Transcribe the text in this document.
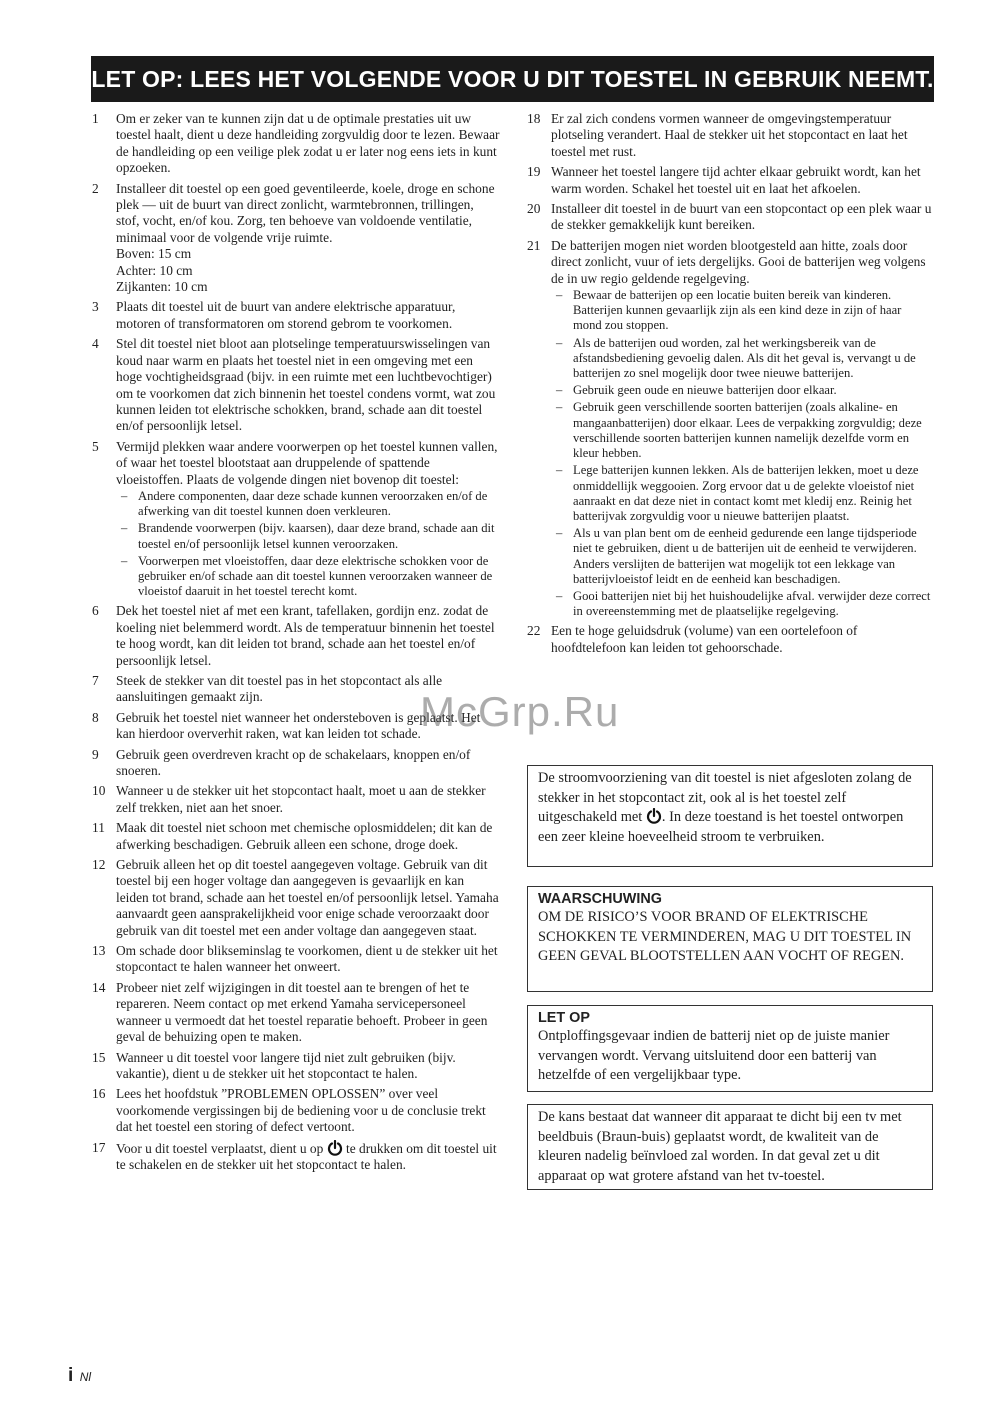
LET OP: LEES HET VOLGENDE VOOR U DIT TOESTEL IN GEBRUIK NEEMT.
1	Om er zeker van te kunnen zijn dat u de optimale prestaties uit uw toestel haalt, dient u deze handleiding zorgvuldig door te lezen. Bewaar de handleiding op een veilige plek zodat u er later nog eens iets in kunt opzoeken.

2	Installeer dit toestel op een goed geventileerde, koele, droge en schone plek — uit de buurt van direct zonlicht, warmtebronnen, trillingen, stof, vocht, en/of kou. Zorg, ten behoeve van voldoende ventilatie, minimaal voor de volgende vrije ruimte.

Boven: 15 cm

Achter: 10 cm

Zijkanten: 10 cm

3	Plaats dit toestel uit de buurt van andere elektrische apparatuur, motoren of transformatoren om storend gebrom te voorkomen.

4	Stel dit toestel niet bloot aan plotselinge temperatuurswisselingen van koud naar warm en plaats het toestel niet in een omgeving met een hoge vochtigheidsgraad (bijv. in een ruimte met een luchtbevochtiger) om te voorkomen dat zich binnenin het toestel condens vormt, wat zou kunnen leiden tot elektrische schokken, brand, schade aan dit toestel en/of persoonlijk letsel.

5	Vermijd plekken waar andere voorwerpen op het toestel kunnen vallen, of waar het toestel blootstaat aan druppelende of spattende vloeistoffen. Plaats de volgende dingen niet bovenop dit toestel:

– Andere componenten, daar deze schade kunnen veroorzaken en/of de afwerking van dit toestel kunnen doen verkleuren.
– Brandende voorwerpen (bijv. kaarsen), daar deze brand, schade aan dit toestel en/of persoonlijk letsel kunnen veroorzaken.
– Voorwerpen met vloeistoffen, daar deze elektrische schokken voor de gebruiker en/of schade aan dit toestel kunnen veroorzaken wanneer de vloeistof daaruit in het toestel terecht komt.
6	Dek het toestel niet af met een krant, tafellaken, gordijn enz. zodat de koeling niet belemmerd wordt. Als de temperatuur binnenin het toestel te hoog wordt, kan dit leiden tot brand, schade aan het toestel en/of persoonlijk letsel.

7	Steek de stekker van dit toestel pas in het stopcontact als alle aansluitingen gemaakt zijn.

8	Gebruik het toestel niet wanneer het ondersteboven is geplaatst. Het kan hierdoor oververhit raken, wat kan leiden tot schade.

9	Gebruik geen overdreven kracht op de schakelaars, knoppen en/of snoeren.

10 Wanneer u de stekker uit het stopcontact haalt, moet u aan de stekker zelf trekken, niet aan het snoer.

11 Maak dit toestel niet schoon met chemische oplosmiddelen; dit kan de afwerking beschadigen. Gebruik alleen een schone, droge doek.

12 Gebruik alleen het op dit toestel aangegeven voltage. Gebruik van dit toestel bij een hoger voltage dan aangegeven is gevaarlijk en kan leiden tot brand, schade aan het toestel en/of persoonlijk letsel. Yamaha aanvaardt geen aansprakelijkheid voor enige schade veroorzaakt door gebruik van dit toestel met een ander voltage dan aangegeven staat.

13 Om schade door blikseminslag te voorkomen, dient u de stekker uit het stopcontact te halen wanneer het onweert.

14 Probeer niet zelf wijzigingen in dit toestel aan te brengen of het te repareren. Neem contact op met erkend Yamaha servicepersoneel wanneer u vermoedt dat het toestel reparatie behoeft. Probeer in geen geval de behuizing open te maken.

15 Wanneer u dit toestel voor langere tijd niet zult gebruiken (bijv. vakantie), dient u de stekker uit het stopcontact te halen.

16 Lees het hoofdstuk ”PROBLEMEN OPLOSSEN” over veel voorkomende vergissingen bij de bediening voor u de conclusie trekt dat het toestel een storing of defect vertoont.

17 Voor u dit toestel verplaatst, dient u op te drukken om dit toestel uit te schakelen en de stekker uit het stopcontact te halen.

18 Er zal zich condens vormen wanneer de omgevingstemperatuur plotseling verandert. Haal de stekker uit het stopcontact en laat het toestel met rust.

19 Wanneer het toestel langere tijd achter elkaar gebruikt wordt, kan het warm worden. Schakel het toestel uit en laat het afkoelen.

20 Installeer dit toestel in de buurt van een stopcontact op een plek waar u de stekker gemakkelijk kunt bereiken.

21 De batterijen mogen niet worden blootgesteld aan hitte, zoals door direct zonlicht, vuur of iets dergelijks. Gooi de batterijen weg volgens de in uw regio geldende regelgeving.

– Bewaar de batterijen op een locatie buiten bereik van kinderen. Batterijen kunnen gevaarlijk zijn als een kind deze in zijn of haar mond zou stoppen.
– Als de batterijen oud worden, zal het werkingsbereik van de afstandsbediening gevoelig dalen. Als dit het geval is, vervangt u de batterijen zo snel mogelijk door twee nieuwe batterijen.
– Gebruik geen oude en nieuwe batterijen door elkaar.
– Gebruik geen verschillende soorten batterijen (zoals alkaline- en mangaanbatterijen) door elkaar. Lees de verpakking zorgvuldig; deze verschillende soorten batterijen kunnen namelijk dezelfde vorm en kleur hebben.
– Lege batterijen kunnen lekken. Als de batterijen lekken, moet u deze onmiddellijk weggooien. Zorg ervoor dat u de gelekte vloeistof niet aanraakt en dat deze niet in contact komt met kledij enz. Reinig het batterijvak zorgvuldig voor u nieuwe batterijen plaatst.
– Als u van plan bent om de eenheid gedurende een lange tijdsperiode niet te gebruiken, dient u de batterijen uit de eenheid te verwijderen. Anders verslijten de batterijen wat mogelijk tot een lekkage van batterijvloeistof leidt en de eenheid kan beschadigen.
– Gooi batterijen niet bij het huishoudelijke afval. verwijder deze correct in overeenstemming met de plaatselijke regelgeving.
22 Een te hoge geluidsdruk (volume) van een oortelefoon of hoofdtelefoon kan leiden tot gehoorschade.

De stroomvoorziening van dit toestel is niet afgesloten zolang de stekker in het stopcontact zit, ook al is het toestel zelf uitgeschakeld met . In deze toestand is het toestel ontworpen een zeer kleine hoeveelheid stroom te verbruiken.

WAARSCHUWING

OM DE RISICO’S VOOR BRAND OF ELEKTRISCHE SCHOKKEN TE VERMINDEREN, MAG U DIT TOESTEL IN GEEN GEVAL BLOOTSTELLEN AAN VOCHT OF REGEN.

LET OP

Ontploffingsgevaar indien de batterij niet op de juiste manier vervangen wordt. Vervang uitsluitend door een batterij van hetzelfde of een vergelijkbaar type.

De kans bestaat dat wanneer dit apparaat te dicht bij een tv met beeldbuis (Braun-buis) geplaatst wordt, de kwaliteit van de kleuren nadelig beïnvloed zal worden. In dat geval zet u dit apparaat op wat grotere afstand van het tv-toestel.

McGrp.Ru
i Nl
